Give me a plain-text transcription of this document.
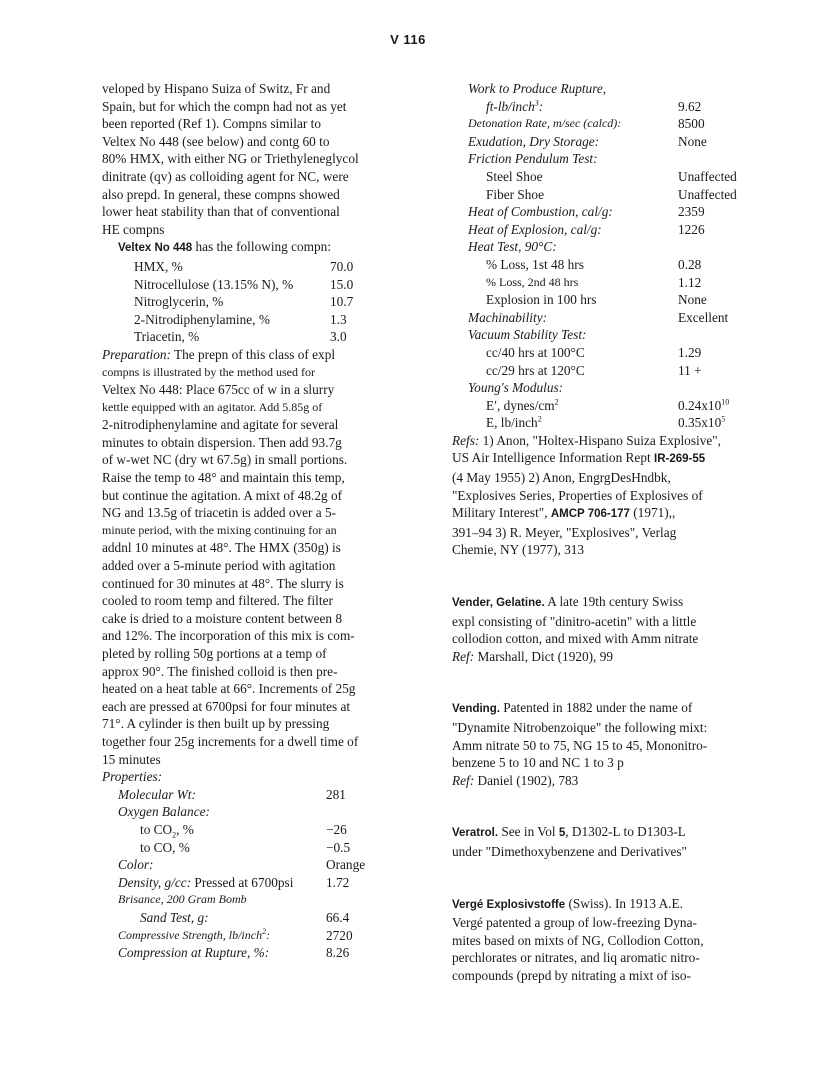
V 116

veloped by Hispano Suiza of Switz, Fr and

Spain, but for which the compn had not as yet

been reported (Ref 1). Compns similar to

Veltex No 448 (see below) and contg 60 to

80% HMX, with either NG or Triethyleneglycol

dinitrate (qv) as colloiding agent for NC, were

also prepd. In general, these compns showed

lower heat stability than that of conventional

HE compns

Veltex No 448 has the following compn:

HMX, %	70.0
Nitrocellulose (13.15% N), %	15.0
Nitroglycerin, %	10.7
2-Nitrodiphenylamine, %	1.3
Triacetin, %	3.0

Preparation: The prepn of this class of expl

compns is illustrated by the method used for

Veltex No 448: Place 675cc of w in a slurry

kettle equipped with an agitator. Add 5.85g of

2-nitrodiphenylamine and agitate for several

minutes to obtain dispersion. Then add 93.7g

of w-wet NC (dry wt 67.5g) in small portions.

Raise the temp to 48° and maintain this temp,

but continue the agitation. A mixt of 48.2g of

NG and 13.5g of triacetin is added over a 5-

minute period, with the mixing continuing for an

addnl 10 minutes at 48°. The HMX (350g) is

added over a 5-minute period with agitation

continued for 30 minutes at 48°. The slurry is

cooled to room temp and filtered. The filter

cake is dried to a moisture content between 8

and 12%. The incorporation of this mix is com-

pleted by rolling 50g portions at a temp of

approx 90°. The finished colloid is then pre-

heated on a heat table at 66°. Increments of 25g

each are pressed at 6700psi for four minutes at

71°. A cylinder is then built up by pressing

together four 25g increments for a dwell time of

15 minutes

Properties:

Molecular Wt:	281
Oxygen Balance:
to $CO_2$, %	−26
to CO, %	−0.5
Color:	Orange
Density, g/cc: Pressed at 6700psi 1.72
Brisance, 200 Gram Bomb
Sand Test, g:	66.4
Compressive Strength, lb/inch$^2$:	2720
Compression at Rupture, %:	8.26
Work to Produce Rupture,
ft-lb/inch$^3$:	9.62
Detonation Rate, m/sec (calcd):	8500
Exudation, Dry Storage:	None
Friction Pendulum Test:
Steel Shoe	Unaffected
Fiber Shoe	Unaffected
Heat of Combustion, cal/g:	2359
Heat of Explosion, cal/g:	1226
Heat Test, 90°C:
% Loss, 1st 48 hrs	0.28
% Loss, 2nd 48 hrs	1.12
Explosion in 100 hrs	None
Machinability:	Excellent
Vacuum Stability Test:
cc/40 hrs at 100°C	1.29
cc/29 hrs at 120°C	11 +
Young's Modulus:
E′, dynes/$cm^2$	$0.24x10^{10}$
E, lb/inch$^2$	$0.35x10^5$

Refs: 1) Anon, "Holtex-Hispano Suiza Explosive",

US Air Intelligence Information Rept IR-269-55

(4 May 1955) 2) Anon, EngrgDesHndbk,

"Explosives Series, Properties of Explosives of

Military Interest", AMCP 706-177 (1971),,

391–94 3) R. Meyer, "Explosives", Verlag

Chemie, NY (1977), 313

Vender, Gelatine. A late 19th century Swiss

expl consisting of "dinitro-acetin" with a little

collodion cotton, and mixed with Amm nitrate

Ref: Marshall, Dict (1920), 99

Vending. Patented in 1882 under the name of

"Dynamite Nitrobenzoique" the following mixt:

Amm nitrate 50 to 75, NG 15 to 45, Mononitro-

benzene 5 to 10 and NC 1 to 3 p

Ref: Daniel (1902), 783

Veratrol. See in Vol 5, D1302-L to D1303-L

under "Dimethoxybenzene and Derivatives"

Vergé Explosivstoffe (Swiss). In 1913 A.E.

Vergé patented a group of low-freezing Dyna-

mites based on mixts of NG, Collodion Cotton,

perchlorates or nitrates, and liq aromatic nitro-

compounds (prepd by nitrating a mixt of iso-
